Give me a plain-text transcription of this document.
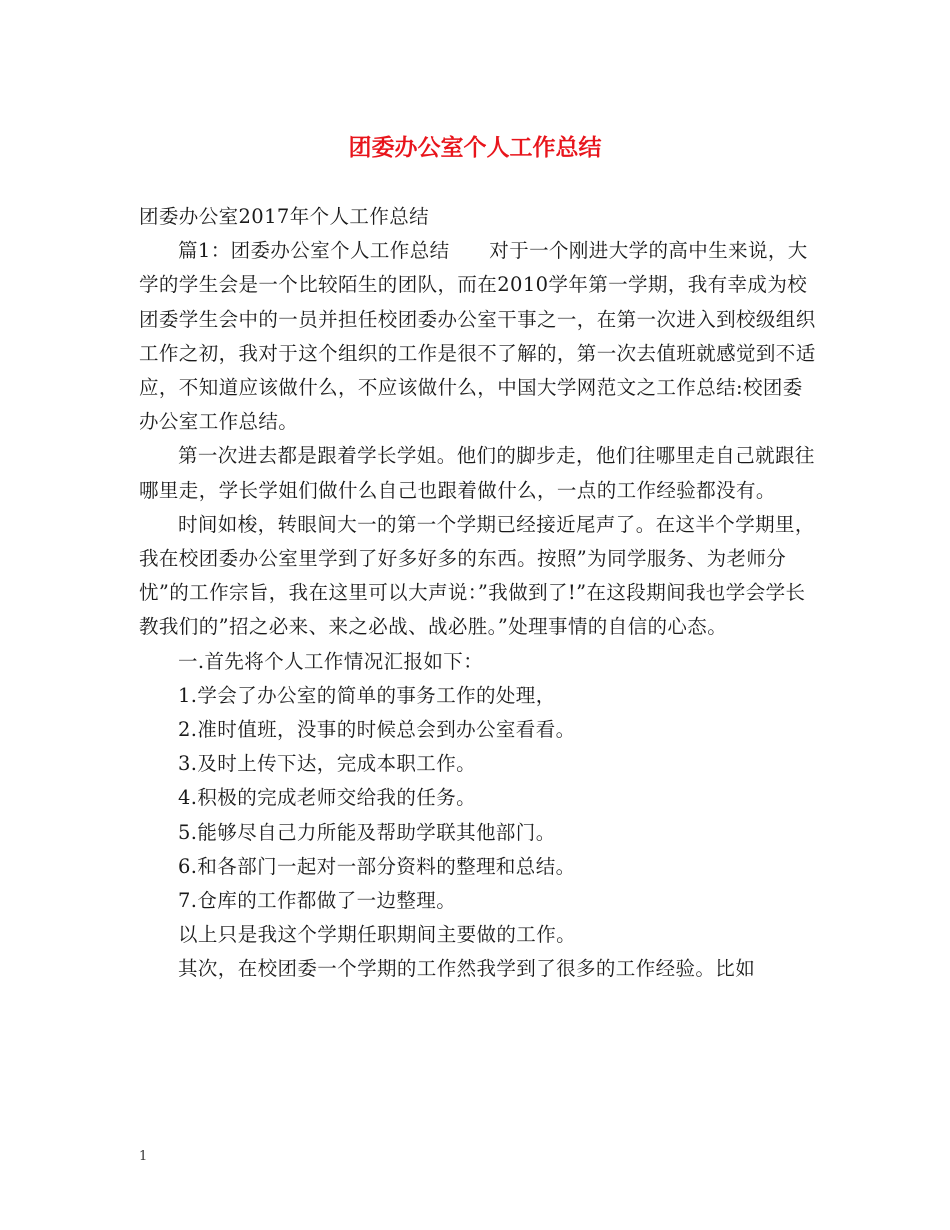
团委办公室个人工作总结

团委办公室2017年个人工作总结

篇1：团委办公室个人工作总结　　对于一个刚进大学的高中生来说，大学的学生会是一个比较陌生的团队，而在2010学年第一学期，我有幸成为校团委学生会中的一员并担任校团委办公室干事之一，在第一次进入到校级组织工作之初，我对于这个组织的工作是很不了解的，第一次去值班就感觉到不适应，不知道应该做什么，不应该做什么，中国大学网范文之工作总结:校团委办公室工作总结。

第一次进去都是跟着学长学姐。他们的脚步走，他们往哪里走自己就跟往哪里走，学长学姐们做什么自己也跟着做什么，一点的工作经验都没有。

时间如梭，转眼间大一的第一个学期已经接近尾声了。在这半个学期里，我在校团委办公室里学到了好多好多的东西。按照”为同学服务、为老师分忧”的工作宗旨，我在这里可以大声说：”我做到了!”在这段期间我也学会学长教我们的”招之必来、来之必战、战必胜。”处理事情的自信的心态。

一.首先将个人工作情况汇报如下：

1.学会了办公室的简单的事务工作的处理，

2.准时值班，没事的时候总会到办公室看看。

3.及时上传下达，完成本职工作。

4.积极的完成老师交给我的任务。

5.能够尽自己力所能及帮助学联其他部门。

6.和各部门一起对一部分资料的整理和总结。

7.仓库的工作都做了一边整理。

以上只是我这个学期任职期间主要做的工作。

其次，在校团委一个学期的工作然我学到了很多的工作经验。比如

1
